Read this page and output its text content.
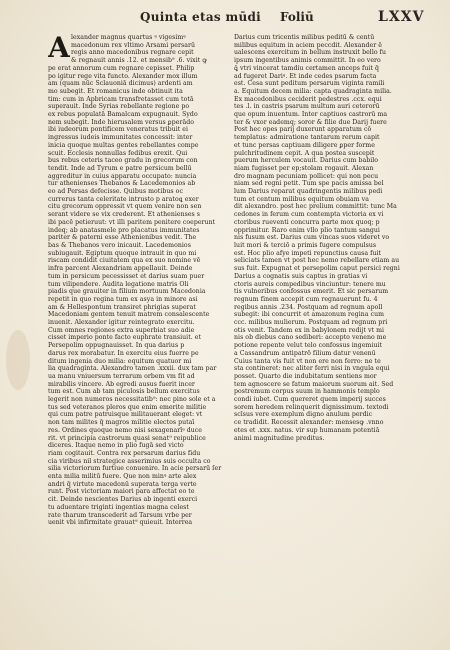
Quinta etas mūdi Foliū	LXXV
A lexander magnus quartus ꝰ vigesimꝰ
macedonum rex vltimo Arsami persarū
regis anno macedonibus regnare cepit
& regnauit annis .12. et mensib⁹ .6. vixit ꝙ
pe erat annorum cum regnare cepisset. Philip
po igitur rege vita functo. Alexander mox illum
am (quam nūc Sclauoniā dicimus) ardenti am
mo subegit. Et romanicus inde obtinuit ita
tim: cum in Apbricam transfretasset cum totā
superauit. Inde Syrias rebellante regione po
ex rebus populatā Bamalcam expugnauit. Sydo
nem subegit. Inde hierusalem versus ꝑperādo
ibi iudeorum pontificem veneratus tribuit ei
ingressus iudeis immunitates concessit: inter
inicia quoque multas gentes rebellantes compe
scuit. Ecclesis nonnullas fedibus erexit. Qui
bus rebus ceteris taceo gradu in grecorum con
tendit. Inde ad Tyrum e patre persicum bellū
aggreditur in cuius apparatu occupato: nuncia
tur athenienses Thebanos & Lacedemonios ab
eo ad Persas defecisse. Quibus motibus oc
currerus tanta celeritate intrusto p aratoꝗ exer
citu grecorum oppressit vt quem venire non sen
serant videre se vix crederent. Et athenienses s
ibi pacē petieruut: vt illi paritem penitere coeperunt
indeq; ab anatasmele pro placatus immunitates
pariter & paterni esse Athenienibus vedit. The
bas & Thebanos vero inicauit. Lacedemonios
subiugauit. Egiptum quoque intrauit in quo mi
riscam condidit ciuitatem qua ex suo nomine vē
infra parcent Alexandriam appellauit. Deinde
tum in persicum pecessisset et darius suam puer
tum vilipendere. Audita legatione matris Oli
piadis que grauiter in filium mortuum Macedonia
repetit in quo regina tum ex asya in minore asi
am & Hellespontum transiret phrigias superat
Macedoniam gentem tenuit matrem consalescente
inuenit. Alexander igitur reintegrato exercitu.
Cum omnes regiones extra superbiat suo adie
cisset imperio ponte facto euphrate transiuit. et
Persepolim oppugnauisset. In qua darius p
darus rex morabatur. In exercitu eius fuerre pe
ditum ingenia duo milia: equitum quatuor mi
lia quadraginta. Alexandro tamen .xxxii. dux tam par
ua manu vniuersum terrarum orbem vm fit ad
mirabilis vincere. Ab egredi ausus fuerit incer
tum est. Cum ab tam piculosis bellum exercitus
legerit non numeros necessitatib⁹: nec pino sole et a
tus sed veteranos pleros que enim emerite militie
qui cum patre patruisque militauerant eleget: vt
non tam milites q̄ magros militie electos putaī
res. Ordines quoque nemo nisi sexagenarīꝰ duce
rit. vt principia castrorum quasi senat⁹ reipublice
diceres. Itaque nemo in plio fugā sed victo
riam cogitauit. Contra rex persarum darius fidu
cia viribus nil strategice asserimius suis occulta co
silia victoriorum furtiue conuenire. In acie persarū ſer
enta milia militū fuere. Que non minꝰ arte alex
andri q̄ virtute macedonū superata terga verte
runt. Post victoriam maiori para affectat eo te
cit. Deinde nescientes Darius ab ingenti exerci
tu aduentare triginti ingentias magna celest
rate tharum transcederit ad Tarsum vrbe per
uenit vbi infirmitate grauat⁹ quieuit. Interrea
Darius cum tricentis milibus peditū & centū
milibus equitum in aciem peccdit. Alexander ē
ualescens exercitum in bellum instruxit bello fu
ipsum ingentibus animis committit. In eo vero
ꝗ̄ vtri vincerat tamdiu certamen anceps fuit q̄
ad fugeret Dariꝰ. Et inde cedes psarum facta
est. Cesa sunt peditum persarum viginta ramili
a. Equitum decem milia: capta quadraginta milia.
Ex macedonibus ceciderit pedestres .ccx. equi
tes .l. in castris psarum multum auri ceterorū
que opum inuentum. Inter captiuos castrorū ma
ter & vxor eademq; soror & filie due Darij fuere
Post hec opes parij duxerunt apparatum cō
templatus: admiratione tantarum rerum capit
et tunc persas captiuam diligere ꝑper forme
pulchritudinem cepit. A qua postea suscepit
puerum herculem vocauit. Darius cum babilo
niam fugisset per ep;stolam rogauit. Alexan
dro magnam pecuniam pollicet: qui non pecu
niam sed regni petit. Tum spe pacis amissa bel
lum Darius reparat quadringentis milibus pedi
tum et centum milibus equitum obuiam va
dit alexandro. post hec prelium committit: tunc Ma
cedones in ferum cum contempta victoria ex vi
ctoribus rueventi concurra parte mox quoq; p
opprimitur. Raro enim vllo plio tantum sangui
nis fusum est. Darius cum vincas suos videret vo
luit mori & terciō a primis fugere compulsus
est. Hoc plio afye impeti repunctius causa fuit
seliciats tamen vt post hec nemo rebellare etiam au
sus fuit. Expugnat et persepolim caput persici regni
Darius a cognatis suis captus in gratias vi
ctoris aureis compedibus vinciuntur: tenere mu
tis vulneribus confossus emerit. Et sic persarum
regnum finem accepit cum regnauerunt fu. 4
regibus annis .234. Postquam ad regnum apoll
subegit: ibi concurrit et amazonum regina cum
ccc. milibus mulierum. Postquam ad regnum pri
otis venit. Tandem ex in babylonem redijt vt mi
nis ob diebus cano sediberi: accepto veneno me
potione repente velut telo confossus ingemiuit
a Cassandrum antipatrō filium datur venenū
Cuius tanta vis fuit vt non ere non ferro: ne te
sta contineret: nec aliter ferri nisi in vngula equi
posset. Quarto die indubitatum sentiens mor
tem agnoscere se fatum maiorum suorum ait. Sed
postremum corpus suum in hammonis templo
condi iubet. Cum quereret quem imperij succes
sorem heredem relinquerit dignissimum. textodi
scīsus vere exemplum digno anulum perdic
ce tradidit. Recessit alexander: mensesꝙ .vnno
etes et .xxx. natus. vir sup humanam potentiā
animi magnitudine preditus.
